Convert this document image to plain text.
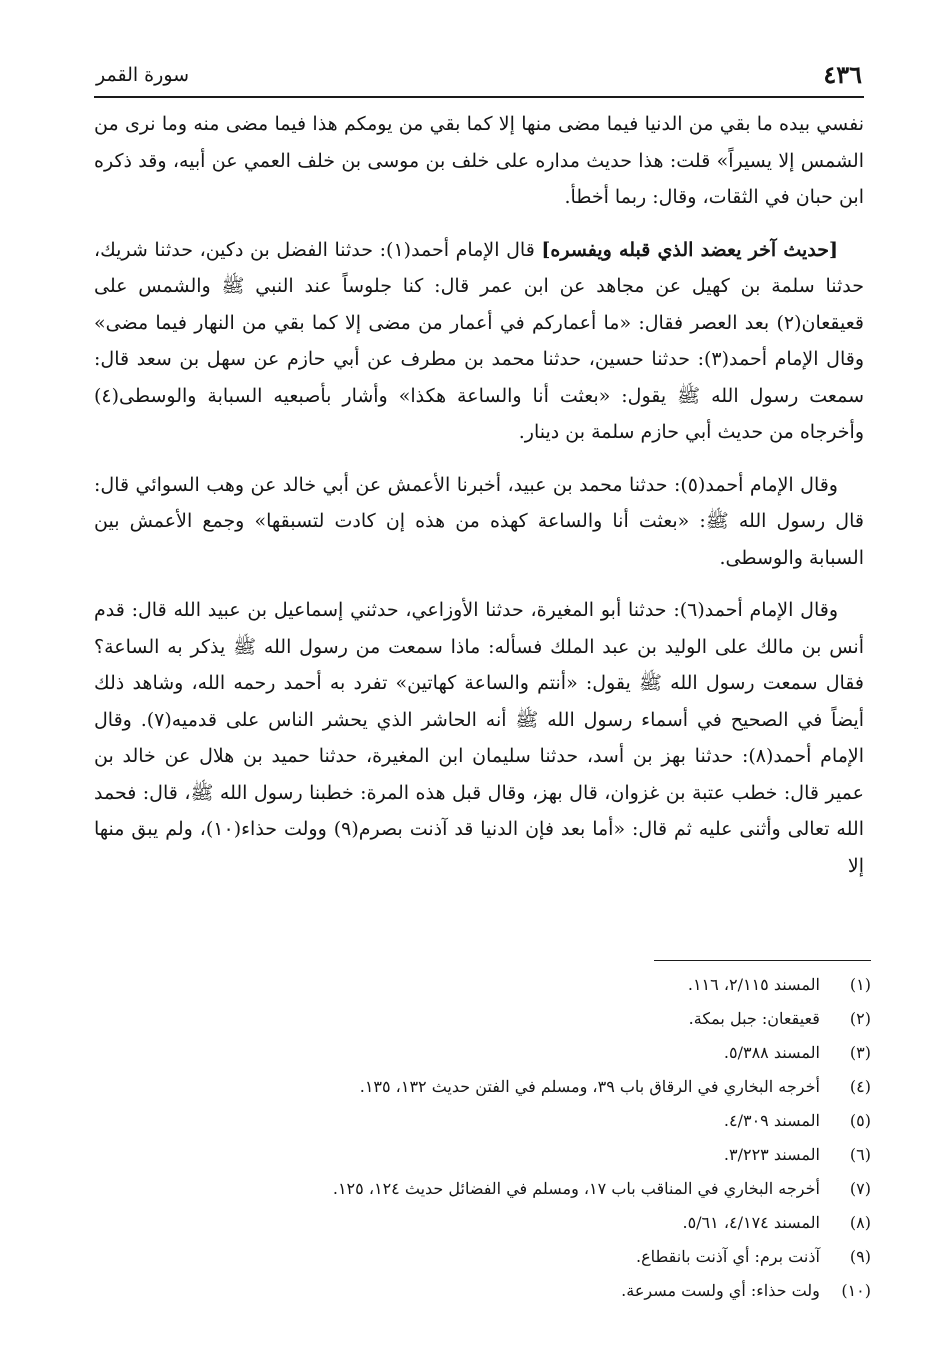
٤٣٦
سورة القمر

نفسي بيده ما بقي من الدنيا فيما مضى منها إلا كما بقي من يومكم هذا فيما مضى منه وما نرى من الشمس إلا يسيراً» قلت: هذا حديث مداره على خلف بن موسى بن خلف العمي عن أبيه، وقد ذكره ابن حبان في الثقات، وقال: ربما أخطأ.

[حديث آخر يعضد الذي قبله ويفسره] قال الإمام أحمد(١): حدثنا الفضل بن دكين، حدثنا شريك، حدثنا سلمة بن كهيل عن مجاهد عن ابن عمر قال: كنا جلوساً عند النبي ﷺ والشمس على قعيقعان(٢) بعد العصر فقال: «ما أعماركم في أعمار من مضى إلا كما بقي من النهار فيما مضى» وقال الإمام أحمد(٣): حدثنا حسين، حدثنا محمد بن مطرف عن أبي حازم عن سهل بن سعد قال: سمعت رسول الله ﷺ يقول: «بعثت أنا والساعة هكذا» وأشار بأصبعيه السبابة والوسطى(٤) وأخرجاه من حديث أبي حازم سلمة بن دينار.

وقال الإمام أحمد(٥): حدثنا محمد بن عبيد، أخبرنا الأعمش عن أبي خالد عن وهب السوائي قال: قال رسول الله ﷺ: «بعثت أنا والساعة كهذه من هذه إن كادت لتسبقها» وجمع الأعمش بين السبابة والوسطى.

وقال الإمام أحمد(٦): حدثنا أبو المغيرة، حدثنا الأوزاعي، حدثني إسماعيل بن عبيد الله قال: قدم أنس بن مالك على الوليد بن عبد الملك فسأله: ماذا سمعت من رسول الله ﷺ يذكر به الساعة؟ فقال سمعت رسول الله ﷺ يقول: «أنتم والساعة كهاتين» تفرد به أحمد رحمه الله، وشاهد ذلك أيضاً في الصحيح في أسماء رسول الله ﷺ أنه الحاشر الذي يحشر الناس على قدميه(٧). وقال الإمام أحمد(٨): حدثنا بهز بن أسد، حدثنا سليمان ابن المغيرة، حدثنا حميد بن هلال عن خالد بن عمير قال: خطب عتبة بن غزوان، قال بهز، وقال قبل هذه المرة: خطبنا رسول الله ﷺ، قال: فحمد الله تعالى وأثنى عليه ثم قال: «أما بعد فإن الدنيا قد آذنت بصرم(٩) وولت حذاء(١٠)، ولم يبق منها إلا

(١) المسند ٢/١١٥، ١١٦.
(٢) قعيقعان: جبل بمكة.
(٣) المسند ٥/٣٨٨.
(٤) أخرجه البخاري في الرقاق باب ٣٩، ومسلم في الفتن حديث ١٣٢، ١٣٥.
(٥) المسند ٤/٣٠٩.
(٦) المسند ٣/٢٢٣.
(٧) أخرجه البخاري في المناقب باب ١٧، ومسلم في الفضائل حديث ١٢٤، ١٢٥.
(٨) المسند ٤/١٧٤، ٥/٦١.
(٩) آذنت برم: أي آذنت بانقطاع.
(١٠) ولت حذاء: أي ولست مسرعة.
